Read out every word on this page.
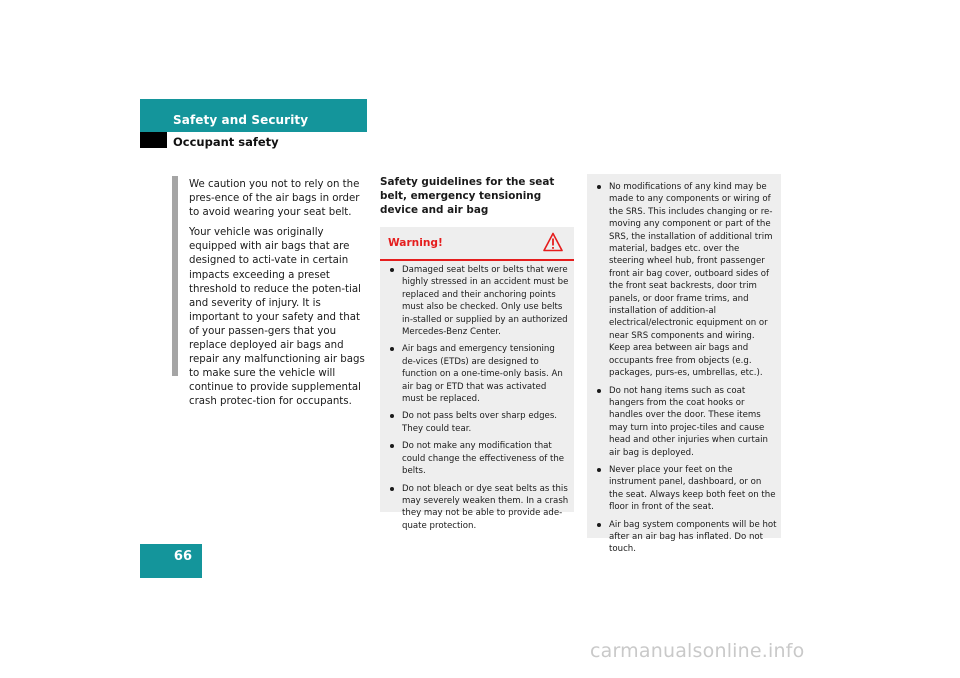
Safety and Security
Occupant safety

We caution you not to rely on the pres-ence of the air bags in order to avoid wearing your seat belt.

Your vehicle was originally equipped with air bags that are designed to acti-vate in certain impacts exceeding a preset threshold to reduce the poten-tial and severity of injury. It is important to your safety and that of your passen-gers that you replace deployed air bags and repair any malfunctioning air bags to make sure the vehicle will continue to provide supplemental crash protec-tion for occupants.

Safety guidelines for the seat belt, emergency tensioning device and air bag
Warning!
Damaged seat belts or belts that were highly stressed in an accident must be replaced and their anchoring points must also be checked. Only use belts in-stalled or supplied by an authorized Mercedes-Benz Center.
Air bags and emergency tensioning de-vices (ETDs) are designed to function on a one-time-only basis. An air bag or ETD that was activated must be replaced.
Do not pass belts over sharp edges. They could tear.
Do not make any modification that could change the effectiveness of the belts.
Do not bleach or dye seat belts as this may severely weaken them. In a crash they may not be able to provide ade-quate protection.
No modifications of any kind may be made to any components or wiring of the SRS. This includes changing or re-moving any component or part of the SRS, the installation of additional trim material, badges etc. over the steering wheel hub, front passenger front air bag cover, outboard sides of the front seat backrests, door trim panels, or door frame trims, and installation of addition-al electrical/electronic equipment on or near SRS components and wiring. Keep area between air bags and occupants free from objects (e.g. packages, purs-es, umbrellas, etc.).
Do not hang items such as coat hangers from the coat hooks or handles over the door. These items may turn into projec-tiles and cause head and other injuries when curtain air bag is deployed.
Never place your feet on the instrument panel, dashboard, or on the seat. Always keep both feet on the floor in front of the seat.
Air bag system components will be hot after an air bag has inflated. Do not touch.
66
carmanualsonline.info
